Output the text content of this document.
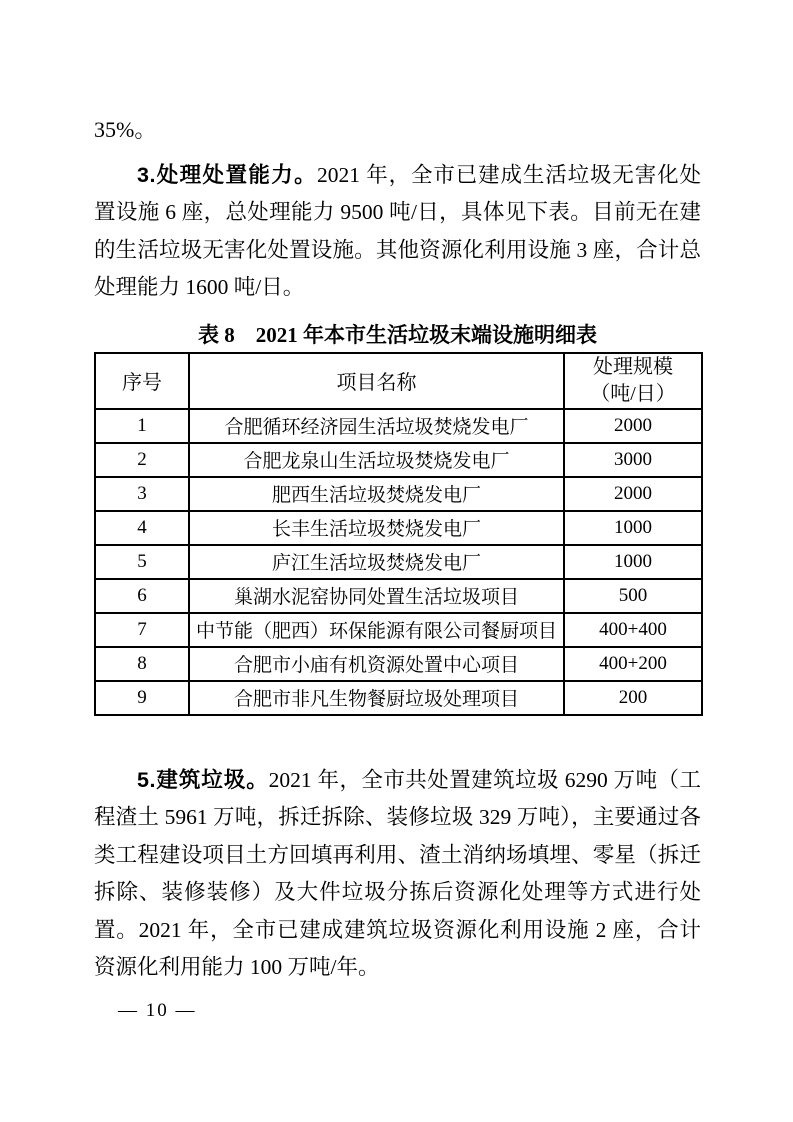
35%。

3.处理处置能力。2021 年，全市已建成生活垃圾无害化处置设施 6 座，总处理能力 9500 吨/日，具体见下表。目前无在建的生活垃圾无害化处置设施。其他资源化利用设施 3 座，合计总处理能力 1600 吨/日。

表 8　2021 年本市生活垃圾末端设施明细表
序号	项目名称	处理规模
（吨/日）

1	合肥循环经济园生活垃圾焚烧发电厂	2000
2	合肥龙泉山生活垃圾焚烧发电厂	3000
3	肥西生活垃圾焚烧发电厂	2000
4	长丰生活垃圾焚烧发电厂	1000
5	庐江生活垃圾焚烧发电厂	1000
6	巢湖水泥窑协同处置生活垃圾项目	500
7	中节能（肥西）环保能源有限公司餐厨项目	400+400
8	合肥市小庙有机资源处置中心项目	400+200
9	合肥市非凡生物餐厨垃圾处理项目	200

5.建筑垃圾。2021 年，全市共处置建筑垃圾 6290 万吨（工程渣土 5961 万吨，拆迁拆除、装修垃圾 329 万吨），主要通过各类工程建设项目土方回填再利用、渣土消纳场填埋、零星（拆迁拆除、装修装修）及大件垃圾分拣后资源化处理等方式进行处置。2021 年，全市已建成建筑垃圾资源化利用设施 2 座，合计资源化利用能力 100 万吨/年。

— 10 —
